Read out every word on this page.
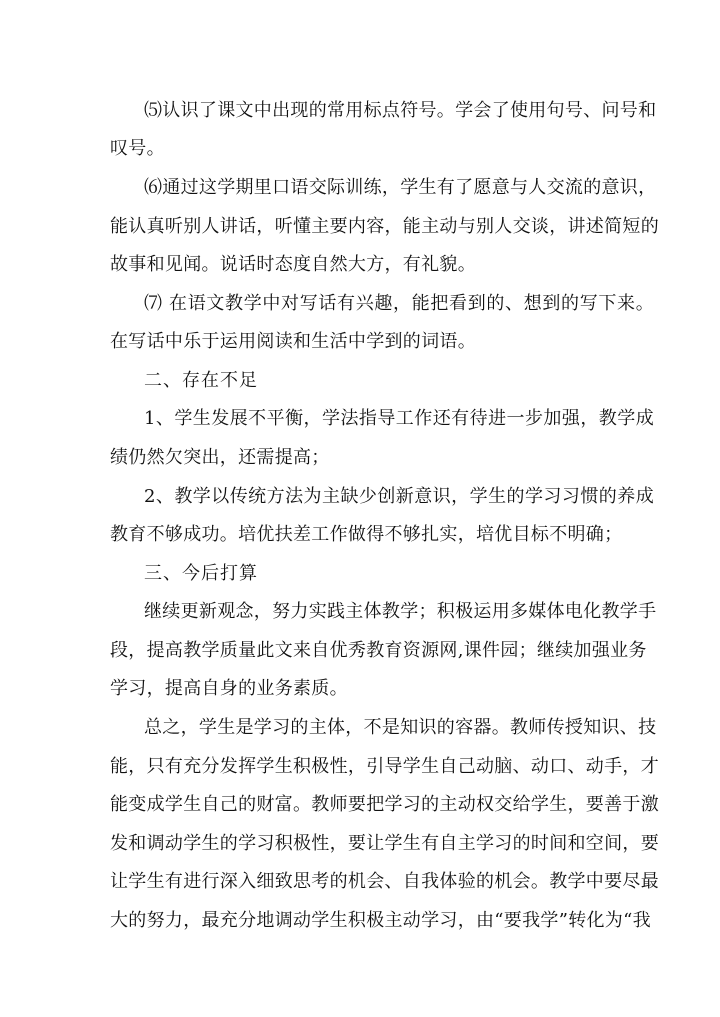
⑸认识了课文中出现的常用标点符号。学会了使用句号、问号和
叹号。
⑹通过这学期里口语交际训练，学生有了愿意与人交流的意识，
能认真听别人讲话，听懂主要内容，能主动与别人交谈，讲述简短的
故事和见闻。说话时态度自然大方，有礼貌。
⑺ 在语文教学中对写话有兴趣，能把看到的、想到的写下来。
在写话中乐于运用阅读和生活中学到的词语。
二、存在不足
1、学生发展不平衡，学法指导工作还有待进一步加强，教学成
绩仍然欠突出，还需提高；
2、教学以传统方法为主缺少创新意识，学生的学习习惯的养成
教育不够成功。培优扶差工作做得不够扎实，培优目标不明确；
三、今后打算
继续更新观念，努力实践主体教学；积极运用多媒体电化教学手
段，提高教学质量此文来自优秀教育资源网,课件园；继续加强业务
学习，提高自身的业务素质。
总之，学生是学习的主体，不是知识的容器。教师传授知识、技
能，只有充分发挥学生积极性，引导学生自己动脑、动口、动手，才
能变成学生自己的财富。教师要把学习的主动权交给学生，要善于激
发和调动学生的学习积极性，要让学生有自主学习的时间和空间，要
让学生有进行深入细致思考的机会、自我体验的机会。教学中要尽最
大的努力，最充分地调动学生积极主动学习，由“要我学”转化为“我
